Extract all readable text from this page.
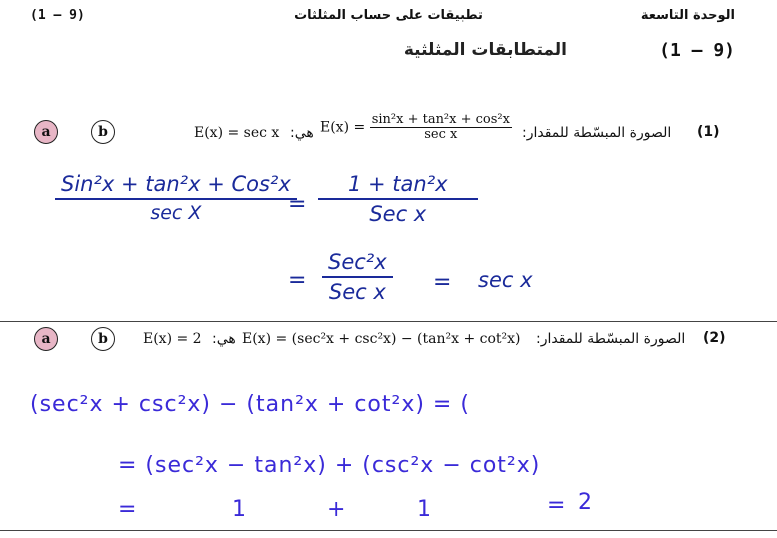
(1 – 9)	تطبيقات على حساب المثلثات	الوحدة التاسعة
المتطابقات المثلثية	(1 – 9)
a	b	E(x) = sec x هي: $E(x) = \frac{\text{sin²x + tan²x + cos²x}}{\text{sec x}}$ الصورة المبسّطة للمقدار: (1)
$\frac{\text{Sin²x + tan²x + Cos²x}}{\text{sec X}}$
= $\frac{\text{1 + tan²x}}{\text{Sec x}}$
= $\frac{\text{Sec²x}}{\text{Sec x}} = \sec x$
a	b	E(x) = 2 هي: E(x) = (sec²x + csc²x) − (tan²x + cot²x) الصورة المبسّطة للمقدار: (2)
(sec²x + csc²x) − (tan²x + cot²x) = (
= (sec²x − tan²x) + (csc²x − cot²x)
=	1	+	1	= 2
